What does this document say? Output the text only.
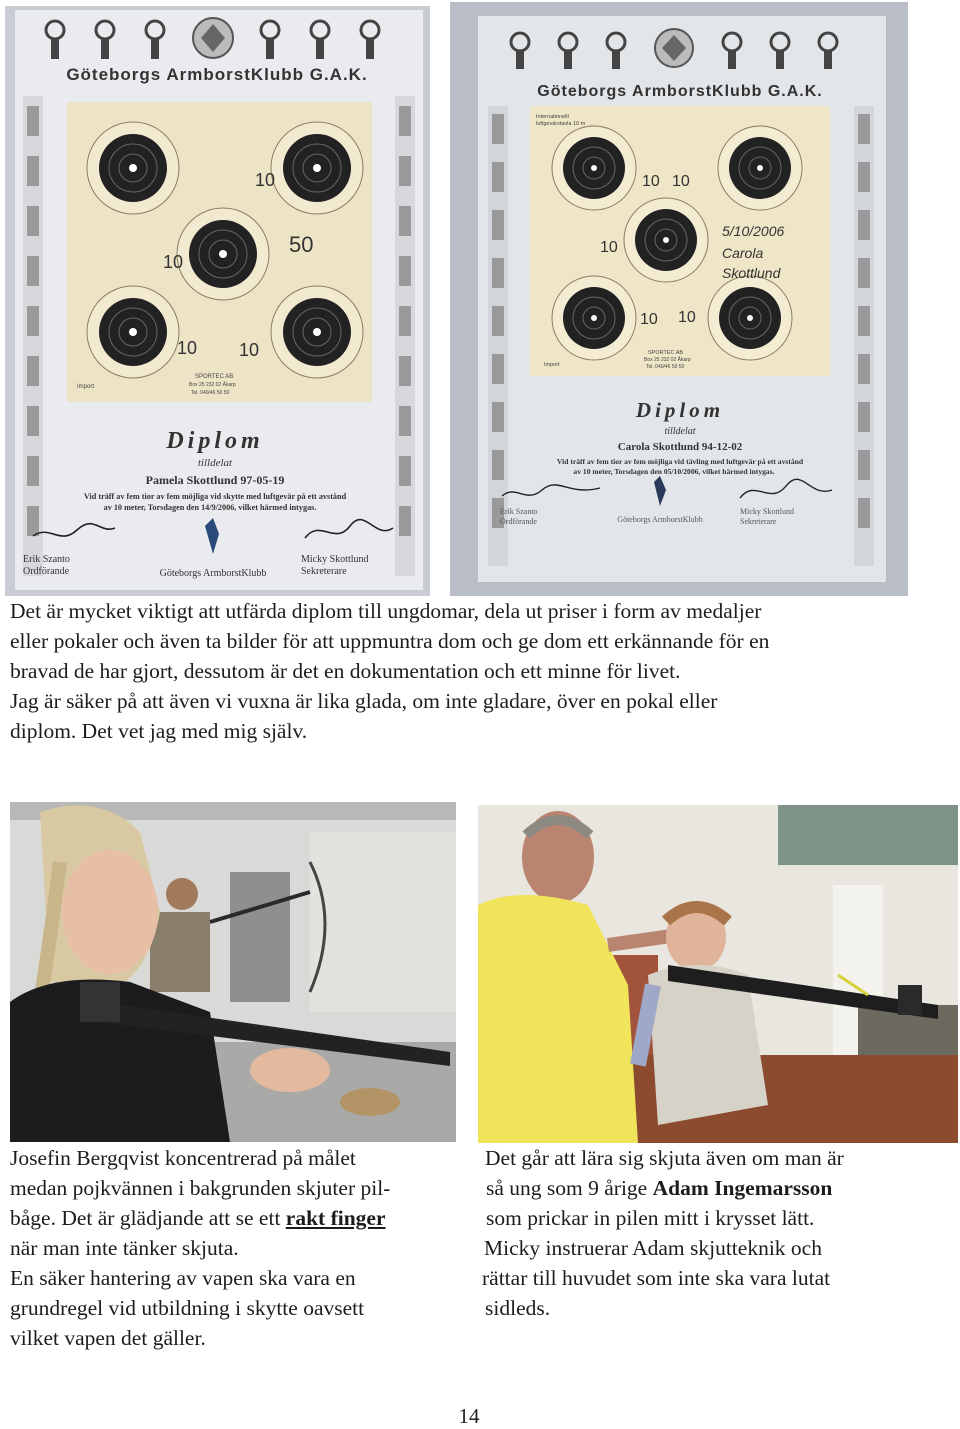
Göteborgs ArmborstKlubb G.A.K.
10
10
50
10 10
Import
SPORTEC AB
Box 25 232 02 Åkarp
Tel. 040/46 50 50
Diplom
tilldelat
Pamela Skottlund 97-05-19
Vid träff av fem tior av fem möjliga vid skytte med luftgevär på ett avstånd
av 10 meter, Torsdagen den 14/9/2006, vilket härmed intygas.
Erik Szanto
Ordförande
Micky Skottlund
Sekreterare
Göteborgs ArmborstKlubb
Göteborgs ArmborstKlubb G.A.K.
Internationellt
luftgevärstavla 10 m
10 10
10
10 10
5/10/2006
Carola
Skottlund
Import
SPORTEC AB
Box 25 232 02 Åkarp
Tel. 040/46 50 50
Diplom
tilldelat
Carola Skottlund 94-12-02
Vid träff av fem tior av fem möjliga vid tävling med luftgevär på ett avstånd
av 10 meter, Torsdagen den 05/10/2006, vilket härmed intygas.
Erik Szanto
Ordförande
Micky Skottlund
Sekreterare
Göteborgs ArmborstKlubb

Det är mycket viktigt att utfärda diplom till ungdomar, dela ut priser i form av medaljer

eller pokaler och även ta bilder för att uppmuntra dom och ge dom ett erkännande för en

bravad de har gjort, dessutom är det en dokumentation och ett minne för livet.

Jag är säker på att även vi vuxna är lika glada, om inte gladare, över en pokal eller

diplom. Det vet jag med mig själv.

Josefin Bergqvist koncentrerad på målet

medan pojkvännen i bakgrunden skjuter pil-

båge. Det är glädjande att se ett rakt finger

när man inte tänker skjuta.

En säker hantering av vapen ska vara en

grundregel vid utbildning i skytte oavsett

vilket vapen det gäller.

Det går att lära sig skjuta även om man är

så ung som 9 årige Adam Ingemarsson

som prickar in pilen mitt i krysset lätt.

Micky instruerar Adam skjutteknik och

rättar till huvudet som inte ska vara lutat

sidleds.

14
